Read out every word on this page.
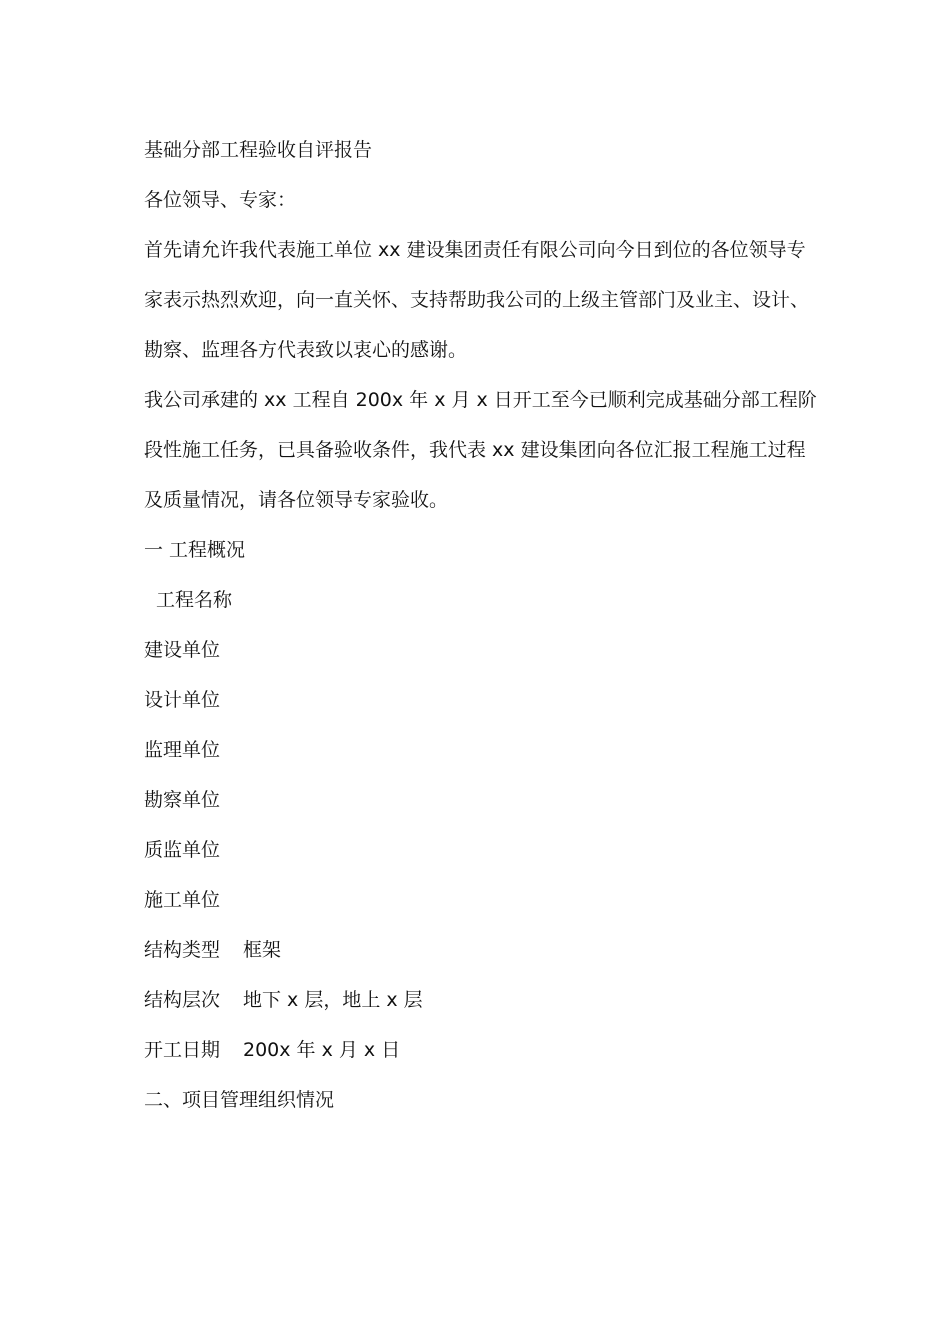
基础分部工程验收自评报告
各位领导、专家：
首先请允许我代表施工单位 xx 建设集团责任有限公司向今日到位的各位领导专
家表示热烈欢迎，向一直关怀、支持帮助我公司的上级主管部门及业主、设计、
勘察、监理各方代表致以衷心的感谢。
我公司承建的 xx 工程自 200x 年 x 月 x 日开工至今已顺利完成基础分部工程阶
段性施工任务，已具备验收条件，我代表 xx 建设集团向各位汇报工程施工过程
及质量情况，请各位领导专家验收。
一 工程概况
工程名称
建设单位
设计单位
监理单位
勘察单位
质监单位
施工单位
结构类型 框架
结构层次 地下 x 层，地上 x 层
开工日期 200x 年 x 月 x 日
二、项目管理组织情况
